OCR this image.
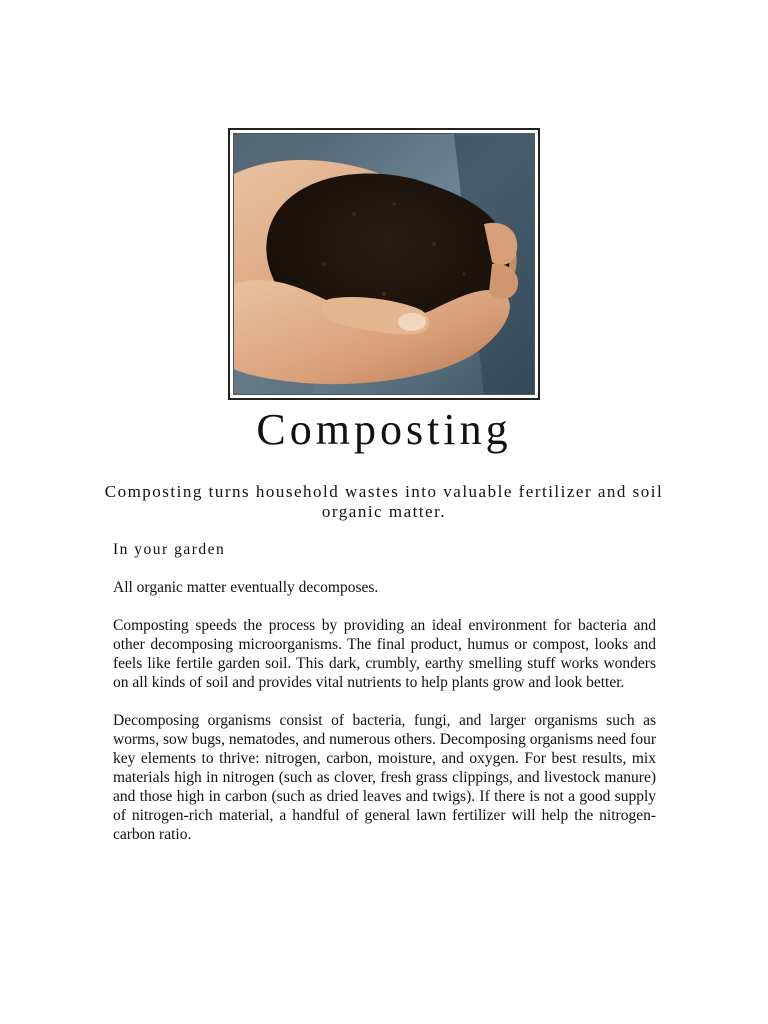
Composting

Composting turns household wastes into valuable fertilizer and soil organic matter.

In your garden

All organic matter eventually decomposes.

Composting speeds the process by providing an ideal environment for bacteria and other decomposing microorganisms. The final product, humus or compost, looks and feels like fertile garden soil. This dark, crumbly, earthy smelling stuff works wonders on all kinds of soil and provides vital nutrients to help plants grow and look better.

Decomposing organisms consist of bacteria, fungi, and larger organisms such as worms, sow bugs, nematodes, and numerous others. Decomposing organisms need four key elements to thrive: nitrogen, carbon, moisture, and oxygen. For best results, mix materials high in nitrogen (such as clover, fresh grass clippings, and livestock manure) and those high in carbon (such as dried leaves and twigs). If there is not a good supply of nitrogen-rich material, a handful of general lawn fertilizer will help the nitrogen-carbon ratio.
